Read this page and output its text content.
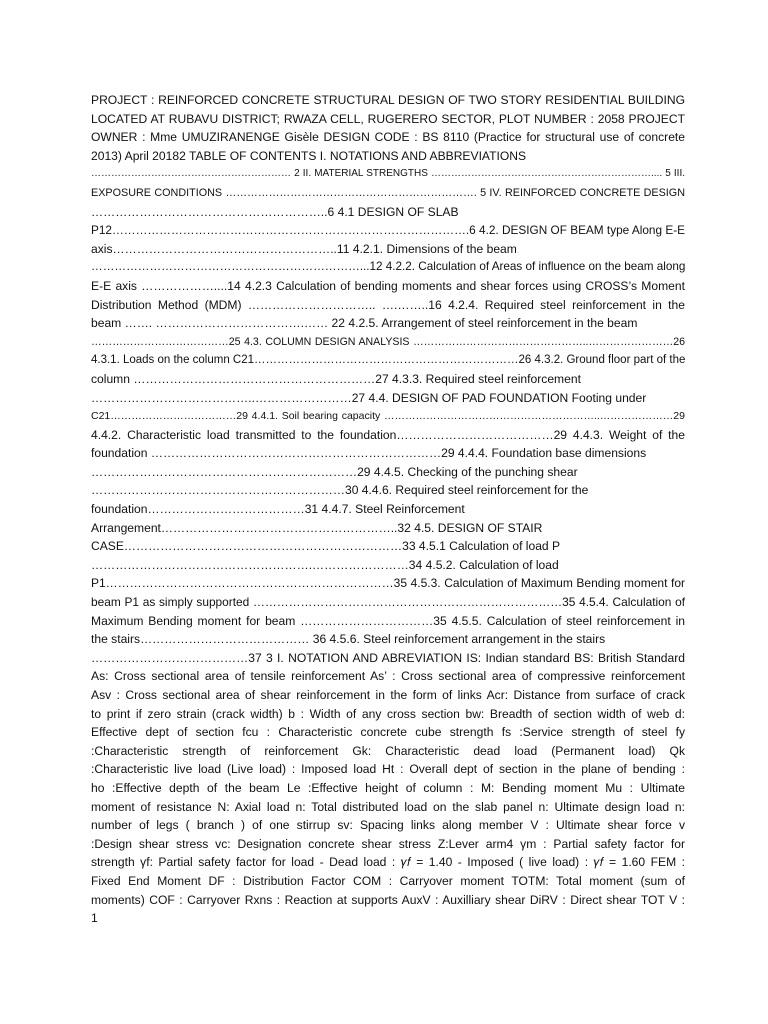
PROJECT : REINFORCED CONCRETE STRUCTURAL DESIGN OF TWO STORY RESIDENTIAL BUILDING
LOCATED AT RUBAVU DISTRICT; RWAZA CELL, RUGERERO SECTOR, PLOT NUMBER : 2058 PROJECT
OWNER : Mme UMUZIRANENGE Gisèle DESIGN CODE : BS 8110 (Practice for structural use of concrete
2013) April 20182 TABLE OF CONTENTS I. NOTATIONS AND ABBREVIATIONS
…………………………………………………… 2 II. MATERIAL STRENGTHS ………………………………………………………….... 5 III.
EXPOSURE CONDITIONS ……………………………………………………………. 5 IV. REINFORCED CONCRETE DESIGN
…………………………………………………..6 4.1 DESIGN OF SLAB
P12……………………………………………………………………………….6 4.2. DESIGN OF BEAM type Along E-E
axis………………………………………………..11 4.2.1. Dimensions of the beam
……………………………………………………………...12 4.2.2. Calculation of Areas of influence on the beam along
E-E axis ………………....14 4.2.3 Calculation of bending moments and shear forces using CROSS’s Moment
Distribution Method (MDM) ………………………….. ….……..16 4.2.4. Required steel reinforcement in the
beam ……. ……………………………….…… 22 4.2.5. Arrangement of steel reinforcement in the beam
…………………………………25 4.3. COLUMN DESIGN ANALYSIS …………………………………………..……………………26
4.3.1. Loads on the column C21……………………………………………………………26 4.3.2. Ground floor part of the
column ……………………………………………………27 4.3.3. Required steel reinforcement
…………………………………..……………………27 4.4. DESIGN OF PAD FOUNDATION Footing under
C21………………………………29 4.4.1. Soil bearing capacity ……………………………………………………..…………………29
4.4.2. Characteristic load transmitted to the foundation…………………………………29 4.4.3. Weight of the
foundation ………………………………………………………………29 4.4.4. Foundation base dimensions
…………………………………………………………29 4.4.5. Checking of the punching shear
………………………………………………………30 4.4.6. Required steel reinforcement for the
foundation…………………………………31 4.4.7. Steel Reinforcement
Arrangement…………………………………………………..32 4.5. DESIGN OF STAIR
CASE……………………………………………………………33 4.5.1 Calculation of load P
……………………………………………….……………………34 4.5.2. Calculation of load
P1………………………………………………………………35 4.5.3. Calculation of Maximum Bending moment for
beam P1 as simply supported ……………………………………………………………………35 4.5.4. Calculation of
Maximum Bending moment for beam ……………………………35 4.5.5. Calculation of steel reinforcement in
the stairs…………………………………… 36 4.5.6. Steel reinforcement arrangement in the stairs
…………………………………37 3 I. NOTATION AND ABREVIATION IS: Indian standard BS: British Standard
As: Cross sectional area of tensile reinforcement As’ : Cross sectional area of compressive reinforcement
Asv : Cross sectional area of shear reinforcement in the form of links Acr: Distance from surface of crack
to print if zero strain (crack width) b : Width of any cross section bw: Breadth of section width of web d:
Effective dept of section fcu : Characteristic concrete cube strength fs :Service strength of steel fy
:Characteristic strength of reinforcement Gk: Characteristic dead load (Permanent load) Qk
:Characteristic live load (Live load) : Imposed load Ht : Overall dept of section in the plane of bending :
ho :Effective depth of the beam Le :Effective height of column : M: Bending moment Mu : Ultimate
moment of resistance N: Axial load n: Total distributed load on the slab panel n: Ultimate design load n:
number of legs ( branch ) of one stirrup sv: Spacing links along member V : Ultimate shear force v
:Design shear stress vc: Designation concrete shear stress Z:Lever arm4 γm : Partial safety factor for
strength γf: Partial safety factor for load - Dead load : 𝛾𝑓 = 1.40 - Imposed ( live load) : 𝛾𝑓 = 1.60 FEM :
Fixed End Moment DF : Distribution Factor COM : Carryover moment TOTM: Total moment (sum of
moments) COF : Carryover Rxns : Reaction at supports AuxV : Auxilliary shear DiRV : Direct shear TOT V :
1
